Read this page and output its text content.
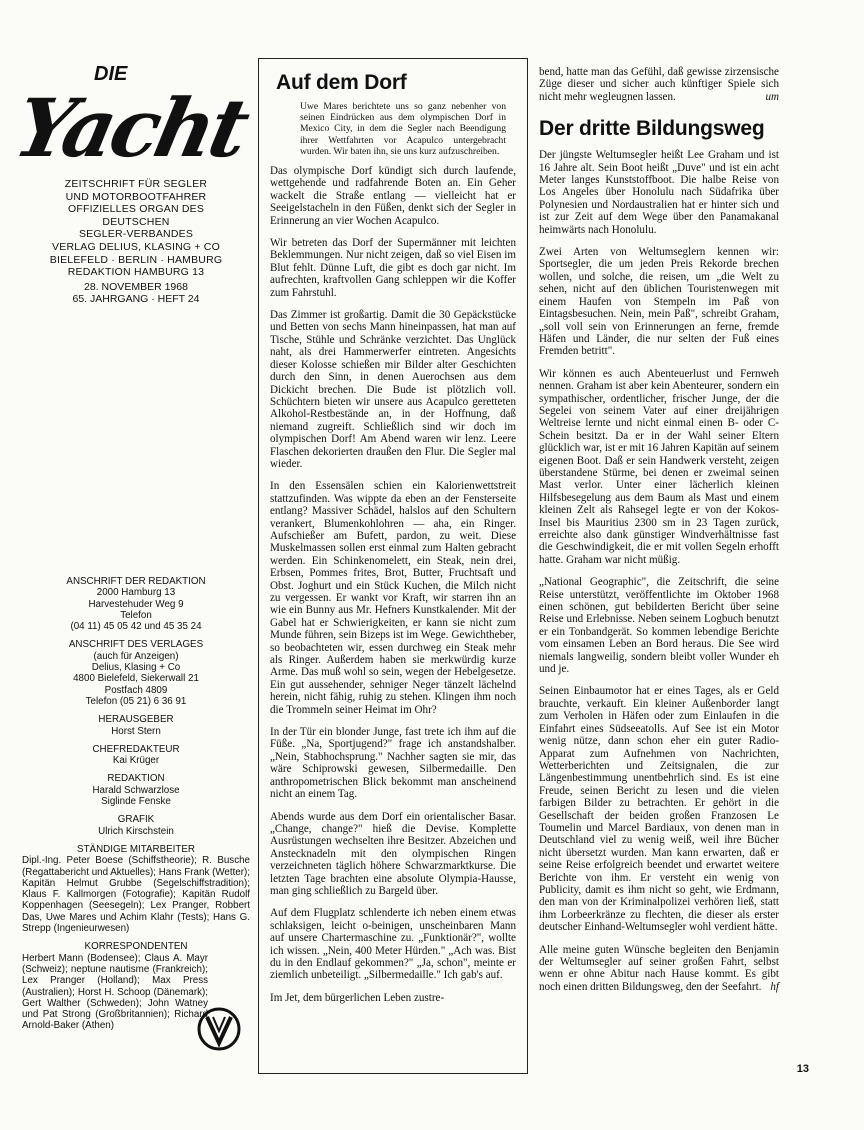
DIE
Yacht
ZEITSCHRIFT FÜR SEGLER
UND MOTORBOOTFAHRER
OFFIZIELLES ORGAN DES
DEUTSCHEN
SEGLER-VERBANDES
VERLAG DELIUS, KLASING + CO
BIELEFELD · BERLIN · HAMBURG
REDAKTION HAMBURG 13
28. NOVEMBER 1968
65. JAHRGANG · HEFT 24
ANSCHRIFT DER REDAKTION
2000 Hamburg 13
Harvestehuder Weg 9
Telefon
(04 11) 45 05 42 und 45 35 24
ANSCHRIFT DES VERLAGES
(auch für Anzeigen)
Delius, Klasing + Co
4800 Bielefeld, Siekerwall 21
Postfach 4809
Telefon (05 21) 6 36 91
HERAUSGEBER
Horst Stern
CHEFREDAKTEUR
Kai Krüger
REDAKTION
Harald Schwarzlose
Siglinde Fenske
GRAFIK
Ulrich Kirschstein
STÄNDIGE MITARBEITER
Dipl.-Ing. Peter Boese (Schiffstheorie); R. Busche (Regattabericht und Aktuelles); Hans Frank (Wetter); Kapitän Helmut Grubbe (Segelschiffstradition); Klaus F. Kallmorgen (Fotografie); Kapitän Rudolf Koppenhagen (Seesegeln); Lex Pranger, Robbert Das, Uwe Mares und Achim Klahr (Tests); Hans G. Strepp (Ingenieurwesen)
KORRESPONDENTEN
Herbert Mann (Bodensee); Claus A. Mayr (Schweiz); neptune nautisme (Frankreich); Lex Pranger (Holland); Max Press (Australien); Horst H. Schoop (Dänemark); Gert Walther (Schweden); John Watney und Pat Strong (Großbritannien); Richard Arnold-Baker (Athen)
Auf dem Dorf
Uwe Mares berichtete uns so ganz nebenher von seinen Eindrücken aus dem olympischen Dorf in Mexico City, in dem die Segler nach Beendigung ihrer Wettfahrten vor Acapulco untergebracht wurden. Wir baten ihn, sie uns kurz aufzuschreiben.

Das olympische Dorf kündigt sich durch laufende, wettgehende und radfahrende Boten an. Ein Geher wackelt die Straße entlang — vielleicht hat er Seeigelstacheln in den Füßen, denkt sich der Segler in Erinnerung an vier Wochen Acapulco.

Wir betreten das Dorf der Supermänner mit leichten Beklemmungen. Nur nicht zeigen, daß so viel Eisen im Blut fehlt. Dünne Luft, die gibt es doch gar nicht. Im aufrechten, kraftvollen Gang schleppen wir die Koffer zum Fahrstuhl.

Das Zimmer ist großartig. Damit die 30 Gepäckstücke und Betten von sechs Mann hineinpassen, hat man auf Tische, Stühle und Schränke verzichtet. Das Unglück naht, als drei Hammerwerfer eintreten. Angesichts dieser Kolosse schießen mir Bilder alter Geschichten durch den Sinn, in denen Auerochsen aus dem Dickicht brechen. Die Bude ist plötzlich voll. Schüchtern bieten wir unsere aus Acapulco geretteten Alkohol-Restbestände an, in der Hoffnung, daß niemand zugreift. Schließlich sind wir doch im olympischen Dorf! Am Abend waren wir lenz. Leere Flaschen dekorierten draußen den Flur. Die Segler mal wieder.

In den Essensälen schien ein Kalorienwettstreit stattzufinden. Was wippte da eben an der Fensterseite entlang? Massiver Schädel, halslos auf den Schultern verankert, Blumenkohlohren — aha, ein Ringer. Aufschießer am Bufett, pardon, zu weit. Diese Muskelmassen sollen erst einmal zum Halten gebracht werden. Ein Schinkenomelett, ein Steak, nein drei, Erbsen, Pommes frites, Brot, Butter, Fruchtsaft und Obst. Joghurt und ein Stück Kuchen, die Milch nicht zu vergessen. Er wankt vor Kraft, wir starren ihn an wie ein Bunny aus Mr. Hefners Kunstkalender. Mit der Gabel hat er Schwierigkeiten, er kann sie nicht zum Munde führen, sein Bizeps ist im Wege. Gewichtheber, so beobachteten wir, essen durchweg ein Steak mehr als Ringer. Außerdem haben sie merkwürdig kurze Arme. Das muß wohl so sein, wegen der Hebelgesetze. Ein gut aussehender, sehniger Neger tänzelt lächelnd herein, nicht fähig, ruhig zu stehen. Klingen ihm noch die Trommeln seiner Heimat im Ohr?

In der Tür ein blonder Junge, fast trete ich ihm auf die Füße. „Na, Sportjugend?" frage ich anstandshalber. „Nein, Stabhochsprung." Nachher sagten sie mir, das wäre Schiprowski gewesen, Silbermedaille. Den anthropometrischen Blick bekommt man anscheinend nicht an einem Tag.

Abends wurde aus dem Dorf ein orientalischer Basar. „Change, change?" hieß die Devise. Komplette Ausrüstungen wechselten ihre Besitzer. Abzeichen und Anstecknadeln mit den olympischen Ringen verzeichneten täglich höhere Schwarzmarktkurse. Die letzten Tage brachten eine absolute Olympia-Hausse, man ging schließlich zu Bargeld über.

Auf dem Flugplatz schlenderte ich neben einem etwas schlaksigen, leicht o-beinigen, unscheinbaren Mann auf unsere Chartermaschine zu. „Funktionär?", wollte ich wissen. „Nein, 400 Meter Hürden." „Ach was. Bist du in den Endlauf gekommen?" „Ja, schon", meinte er ziemlich unbeteiligt. „Silbermedaille." Ich gab's auf.

Im Jet, dem bürgerlichen Leben zustre-

bend, hatte man das Gefühl, daß gewisse zirzensische Züge dieser und sicher auch künftiger Spiele sich nicht mehr wegleugnen lassen.	um

Der dritte Bildungsweg

Der jüngste Weltumsegler heißt Lee Graham und ist 16 Jahre alt. Sein Boot heißt „Duve" und ist ein acht Meter langes Kunststoffboot. Die halbe Reise von Los Angeles über Honolulu nach Südafrika über Polynesien und Nordaustralien hat er hinter sich und ist zur Zeit auf dem Wege über den Panamakanal heimwärts nach Honolulu.

Zwei Arten von Weltumseglern kennen wir: Sportsegler, die um jeden Preis Rekorde brechen wollen, und solche, die reisen, um „die Welt zu sehen, nicht auf den üblichen Touristenwegen mit einem Haufen von Stempeln im Paß von Eintagsbesuchen. Nein, mein Paß", schreibt Graham, „soll voll sein von Erinnerungen an ferne, fremde Häfen und Länder, die nur selten der Fuß eines Fremden betritt".

Wir können es auch Abenteuerlust und Fernweh nennen. Graham ist aber kein Abenteurer, sondern ein sympathischer, ordentlicher, frischer Junge, der die Segelei von seinem Vater auf einer dreijährigen Weltreise lernte und nicht einmal einen B- oder C-Schein besitzt. Da er in der Wahl seiner Eltern glücklich war, ist er mit 16 Jahren Kapitän auf seinem eigenen Boot. Daß er sein Handwerk versteht, zeigen überstandene Stürme, bei denen er zweimal seinen Mast verlor. Unter einer lächerlich kleinen Hilfsbesegelung aus dem Baum als Mast und einem kleinen Zelt als Rahsegel legte er von der Kokos-Insel bis Mauritius 2300 sm in 23 Tagen zurück, erreichte also dank günstiger Windverhältnisse fast die Geschwindigkeit, die er mit vollen Segeln erhofft hatte. Graham war nicht müßig.

„National Geographic", die Zeitschrift, die seine Reise unterstützt, veröffentlichte im Oktober 1968 einen schönen, gut bebilderten Bericht über seine Reise und Erlebnisse. Neben seinem Logbuch benutzt er ein Tonbandgerät. So kommen lebendige Berichte vom einsamen Leben an Bord heraus. Die See wird niemals langweilig, sondern bleibt voller Wunder eh und je.

Seinen Einbaumotor hat er eines Tages, als er Geld brauchte, verkauft. Ein kleiner Außenborder langt zum Verholen in Häfen oder zum Einlaufen in die Einfahrt eines Südseeatolls. Auf See ist ein Motor wenig nütze, dann schon eher ein guter Radio-Apparat zum Aufnehmen von Nachrichten, Wetterberichten und Zeitsignalen, die zur Längenbestimmung unentbehrlich sind. Es ist eine Freude, seinen Bericht zu lesen und die vielen farbigen Bilder zu betrachten. Er gehört in die Gesellschaft der beiden großen Franzosen Le Toumelin und Marcel Bardiaux, von denen man in Deutschland viel zu wenig weiß, weil ihre Bücher nicht übersetzt wurden. Man kann erwarten, daß er seine Reise erfolgreich beendet und erwartet weitere Berichte von ihm. Er versteht ein wenig von Publicity, damit es ihm nicht so geht, wie Erdmann, den man von der Kriminalpolizei verhören ließ, statt ihm Lorbeerkränze zu flechten, die dieser als erster deutscher Einhand-Weltumsegler wohl verdient hätte.

Alle meine guten Wünsche begleiten den Benjamin der Weltumsegler auf seiner großen Fahrt, selbst wenn er ohne Abitur nach Hause kommt. Es gibt noch einen dritten Bildungsweg, den der Seefahrt. hf

13
